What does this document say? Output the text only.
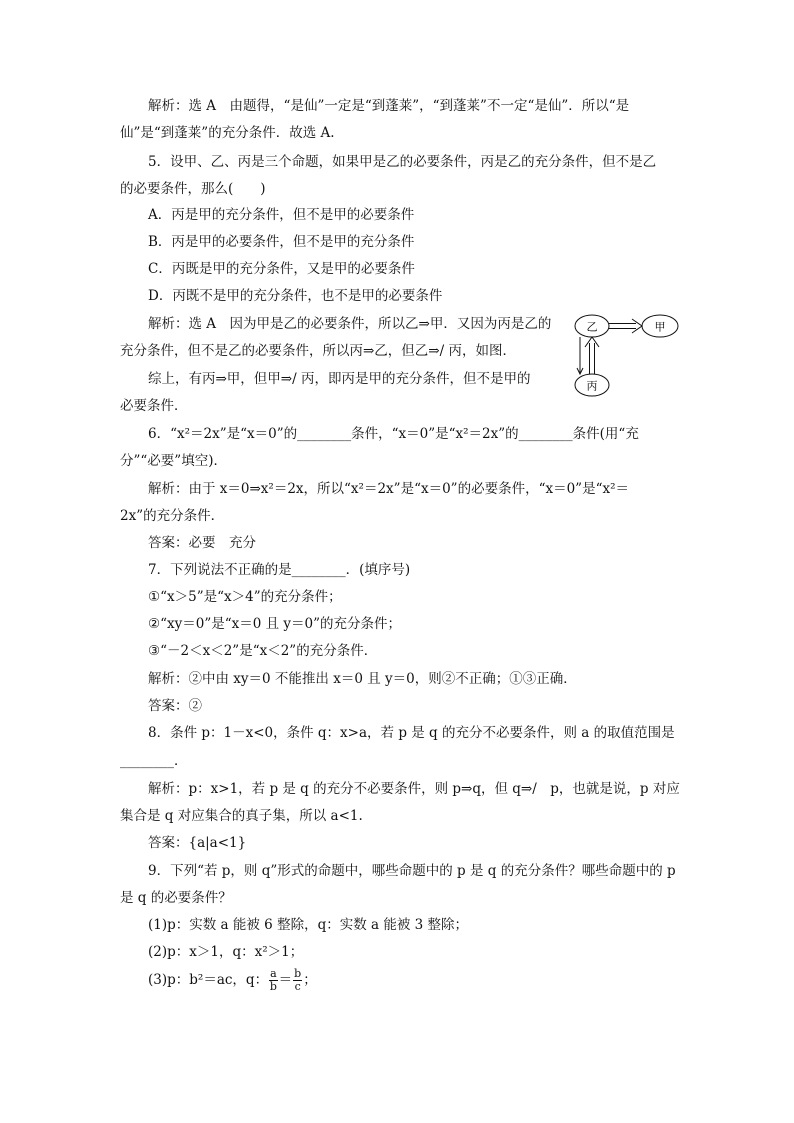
解析：选 A　由题得，“是仙”一定是“到蓬莱”，“到蓬莱”不一定“是仙”．所以“是
仙”是“到蓬莱”的充分条件．故选 A.
5．设甲、乙、丙是三个命题，如果甲是乙的必要条件，丙是乙的充分条件，但不是乙
的必要条件，那么(　　)
A．丙是甲的充分条件，但不是甲的必要条件
B．丙是甲的必要条件，但不是甲的充分条件
C．丙既是甲的充分条件，又是甲的必要条件
D．丙既不是甲的充分条件，也不是甲的必要条件
解析：选 A　因为甲是乙的必要条件，所以乙⇒甲．又因为丙是乙的
充分条件，但不是乙的必要条件，所以丙⇒乙，但乙⇒/ 丙，如图．
综上，有丙⇒甲，但甲⇒/ 丙，即丙是甲的充分条件，但不是甲的
必要条件．
乙	甲
丙
6．“x²＝2x”是“x＝0”的________条件，“x＝0”是“x²＝2x”的________条件(用“充
分”“必要”填空)．
解析：由于 x＝0⇒x²＝2x，所以“x²＝2x”是“x＝0”的必要条件，“x＝0”是“x²＝
2x”的充分条件．
答案：必要　充分
7．下列说法不正确的是________．(填序号)
①“x＞5”是“x＞4”的充分条件；
②“xy＝0”是“x＝0 且 y＝0”的充分条件；
③“－2＜x＜2”是“x＜2”的充分条件．
解析：②中由 xy＝0 不能推出 x＝0 且 y＝0，则②不正确；①③正确．
答案：②
8．条件 p：1－x<0，条件 q：x>a，若 p 是 q 的充分不必要条件，则 a 的取值范围是
________．
解析：p：x>1，若 p 是 q 的充分不必要条件，则 p⇒q，但 q⇒/　p，也就是说，p 对应
集合是 q 对应集合的真子集，所以 a<1.
答案：{a|a<1}
9．下列“若 p，则 q”形式的命题中，哪些命题中的 p 是 q 的充分条件？哪些命题中的 p
是 q 的必要条件？
(1)p：实数 a 能被 6 整除，q：实数 a 能被 3 整除；
(2)p：x＞1，q：x²＞1；
(3)p：b²＝ac，q： $\frac{a}{b} = \frac{b}{c}$ ；
